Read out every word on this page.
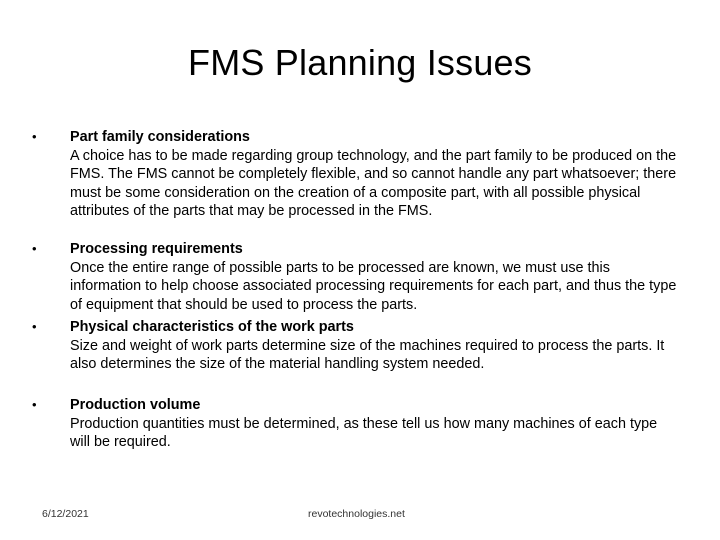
FMS Planning Issues
• Part family considerations
A choice has to be made regarding group technology, and the part family to be produced on the FMS. The FMS cannot be completely flexible, and so cannot handle any part whatsoever; there must be some consideration on the creation of a composite part, with all possible physical attributes of the parts that may be processed in the FMS.
• Processing requirements
Once the entire range of possible parts to be processed are known, we must use this information to help choose associated processing requirements for each part, and thus the type of equipment that should be used to process the parts.
• Physical characteristics of the work parts
Size and weight of work parts determine size of the machines required to process the parts. It also determines the size of the material handling system needed.
• Production volume
Production quantities must be determined, as these tell us how many machines of each type will be required.
6/12/2021	revotechnologies.net
